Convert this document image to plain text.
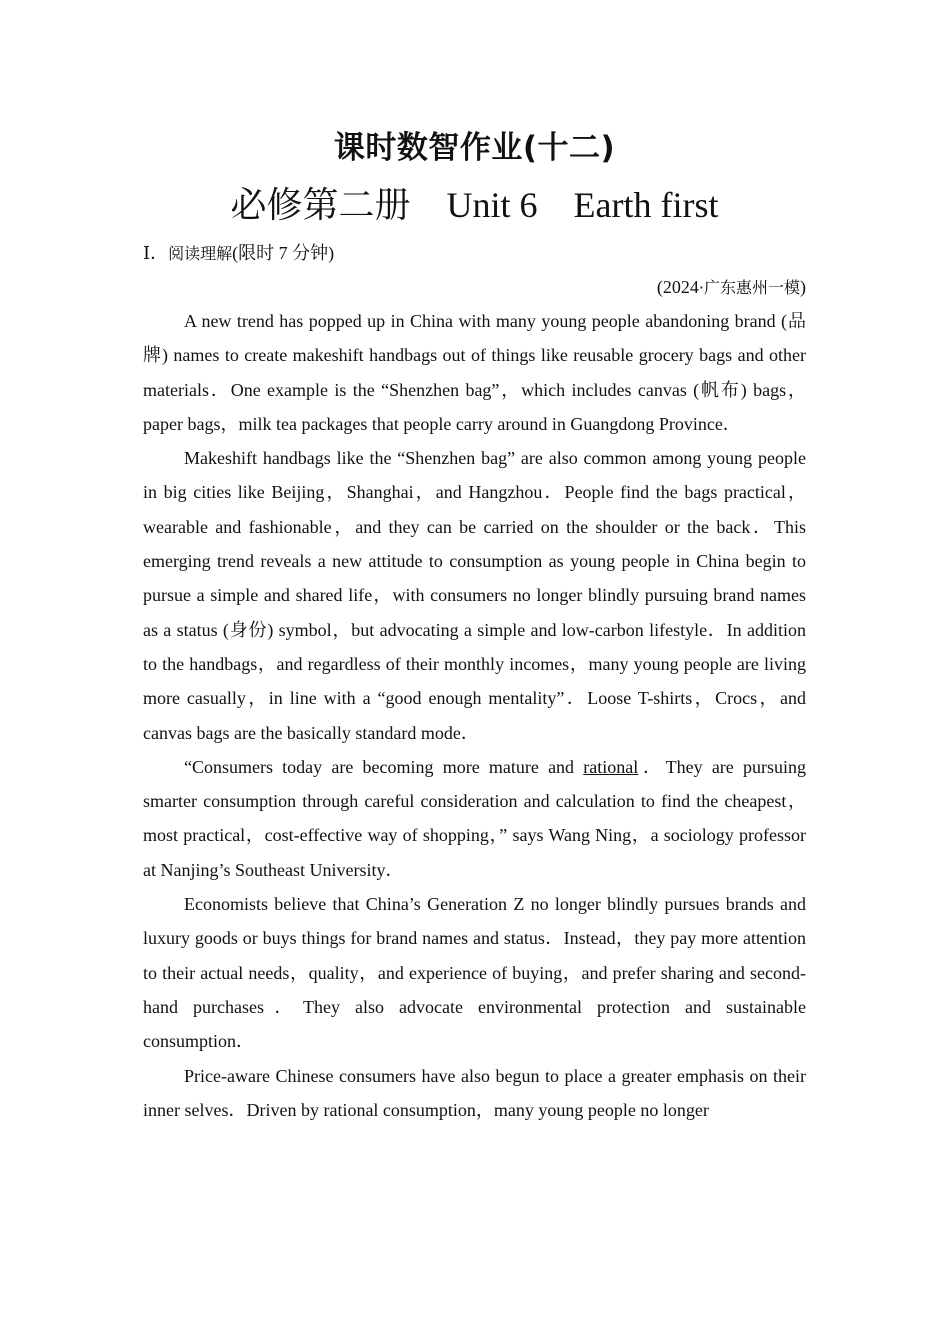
课时数智作业(十二)
必修第二册　Unit 6　Earth first
Ⅰ．阅读理解(限时 7 分钟)
(2024·广东惠州一模)

A new trend has popped up in China with many young people abandoning brand (品牌) names to create makeshift handbags out of things like reusable grocery bags and other materials．One example is the “Shenzhen bag”，which includes canvas (帆布) bags，paper bags，milk tea packages that people carry around in Guangdong Province．

Makeshift handbags like the “Shenzhen bag” are also common among young people in big cities like Beijing，Shanghai，and Hangzhou．People find the bags practical，wearable and fashionable，and they can be carried on the shoulder or the back．This emerging trend reveals a new attitude to consumption as young people in China begin to pursue a simple and shared life，with consumers no longer blindly pursuing brand names as a status (身份) symbol，but advocating a simple and low-carbon lifestyle．In addition to the handbags，and regardless of their monthly incomes，many young people are living more casually，in line with a “good enough mentality”．Loose T-shirts，Crocs，and canvas bags are the basically standard mode．

“Consumers today are becoming more mature and rational．They are pursuing smarter consumption through careful consideration and calculation to find the cheapest，most practical，cost-effective way of shopping，” says Wang Ning，a sociology professor at Nanjing’s Southeast University．

Economists believe that China’s Generation Z no longer blindly pursues brands and luxury goods or buys things for brand names and status．Instead，they pay more attention to their actual needs，quality，and experience of buying，and prefer sharing and second-hand purchases．They also advocate environmental protection and sustainable consumption．

Price-aware Chinese consumers have also begun to place a greater emphasis on their inner selves．Driven by rational consumption，many young people no longer
